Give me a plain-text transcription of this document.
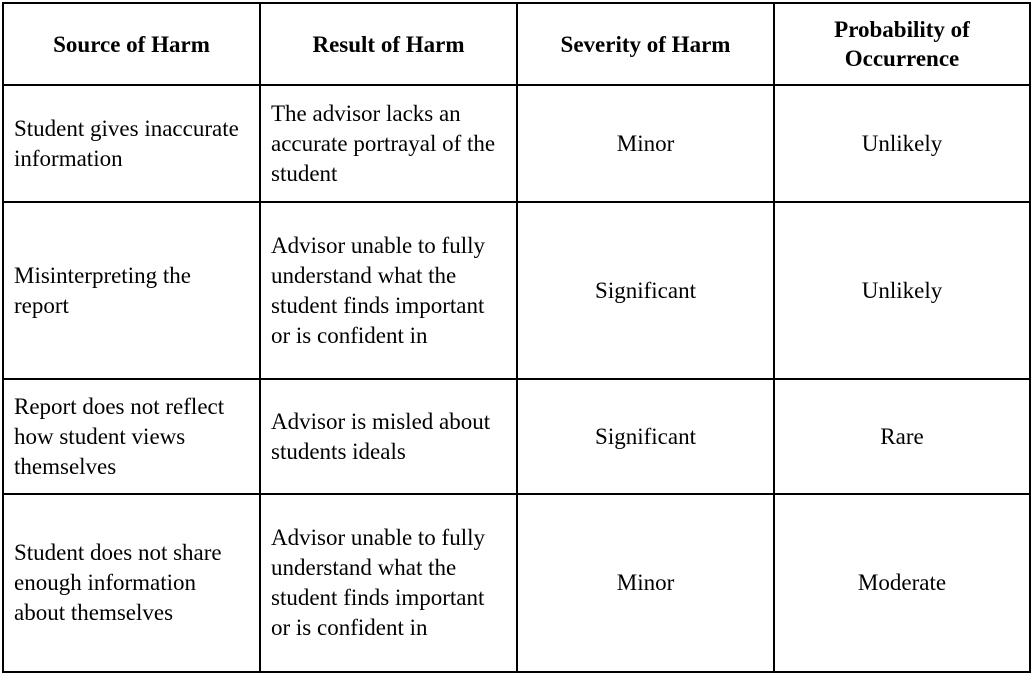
Source of Harm	Result of Harm	Severity of Harm	Probability of Occurrence
Student gives inaccurate information	The advisor lacks an accurate portrayal of the student	Minor	Unlikely
Misinterpreting the report	Advisor unable to fully understand what the student finds important or is confident in	Significant	Unlikely
Report does not reflect how student views themselves	Advisor is misled about students ideals	Significant	Rare
Student does not share enough information about themselves	Advisor unable to fully understand what the student finds important or is confident in	Minor	Moderate
